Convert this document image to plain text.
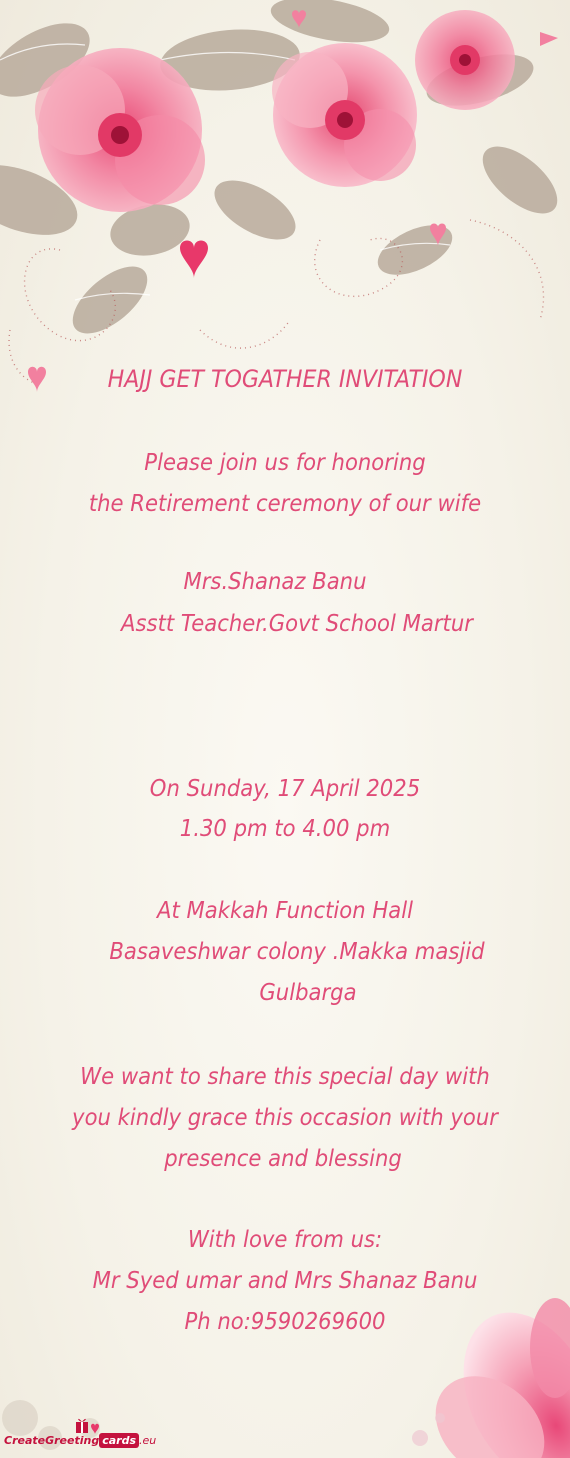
HAJJ GET TOGATHER INVITATION
Please join us for honoring
the Retirement ceremony of our wife
Mrs.Shanaz Banu
Asstt Teacher.Govt School Martur
On Sunday, 17 April 2025
1.30 pm to 4.00 pm
At Makkah Function Hall
Basaveshwar colony .Makka masjid
Gulbarga
We want to share this special day with
you kindly grace this occasion with your
presence and blessing
With love from us:
Mr Syed umar and Mrs Shanaz Banu
Ph no:9590269600
CreateGreeting cards .eu
